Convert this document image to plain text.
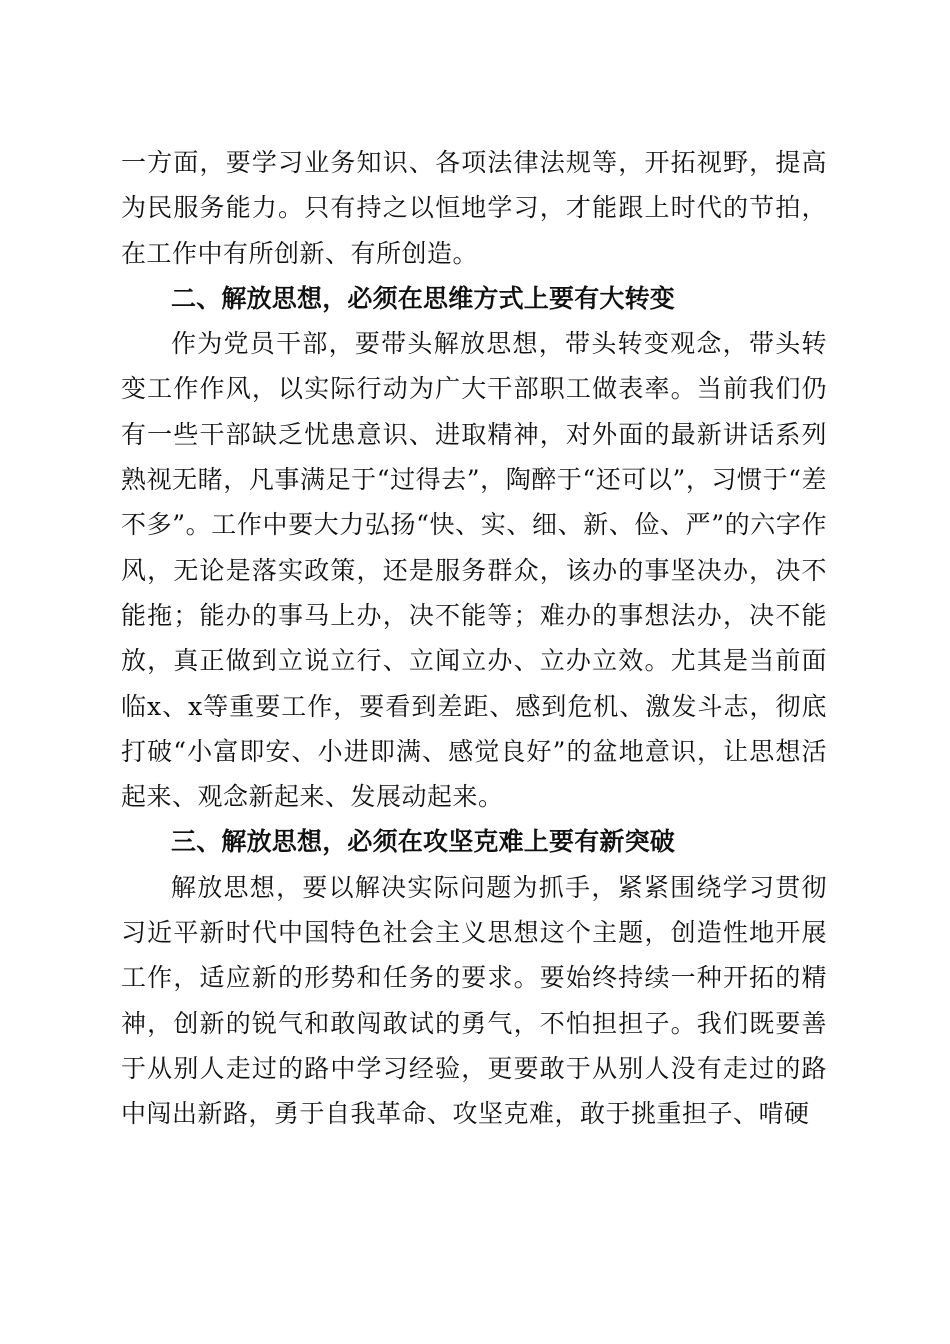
一方面，要学习业务知识、各项法律法规等，开拓视野，提高为民服务能力。只有持之以恒地学习，才能跟上时代的节拍，在工作中有所创新、有所创造。

二、解放思想，必须在思维方式上要有大转变

作为党员干部，要带头解放思想，带头转变观念，带头转变工作作风，以实际行动为广大干部职工做表率。当前我们仍有一些干部缺乏忧患意识、进取精神，对外面的最新讲话系列熟视无睹，凡事满足于“过得去”，陶醉于“还可以”，习惯于“差不多”。工作中要大力弘扬“快、实、细、新、俭、严”的六字作风，无论是落实政策，还是服务群众，该办的事坚决办，决不能拖；能办的事马上办，决不能等；难办的事想法办，决不能放，真正做到立说立行、立闻立办、立办立效。尤其是当前面临x、x等重要工作，要看到差距、感到危机、激发斗志，彻底打破“小富即安、小进即满、感觉良好”的盆地意识，让思想活起来、观念新起来、发展动起来。

三、解放思想，必须在攻坚克难上要有新突破

解放思想，要以解决实际问题为抓手，紧紧围绕学习贯彻习近平新时代中国特色社会主义思想这个主题，创造性地开展工作，适应新的形势和任务的要求。要始终持续一种开拓的精神，创新的锐气和敢闯敢试的勇气，不怕担担子。我们既要善于从别人走过的路中学习经验，更要敢于从别人没有走过的路中闯出新路，勇于自我革命、攻坚克难，敢于挑重担子、啃硬
